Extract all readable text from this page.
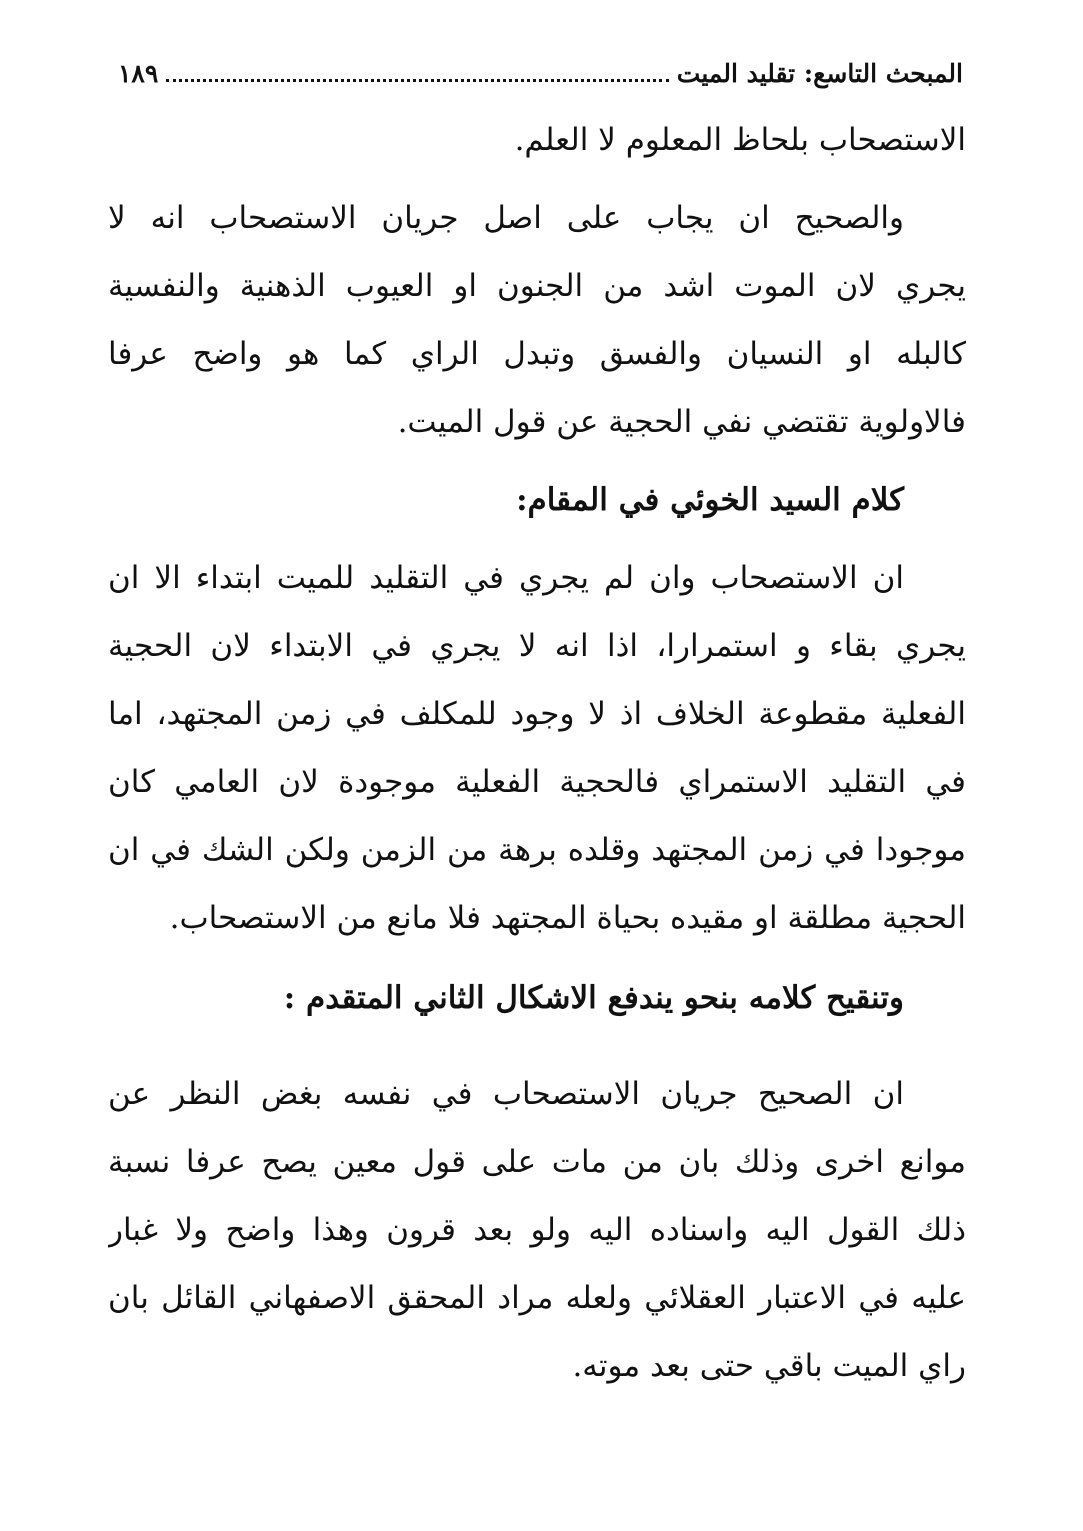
المبحث التاسع: تقليد الميت
١٨٩
الاستصحاب بلحاظ المعلوم لا العلم.
والصحيح ان يجاب على اصل جريان الاستصحاب انه لا
يجري لان الموت اشد من الجنون او العيوب الذهنية والنفسية
كالبله او النسيان والفسق وتبدل الراي كما هو واضح عرفا
فالاولوية تقتضي نفي الحجية عن قول الميت.
كلام السيد الخوئي في المقام:
ان الاستصحاب وان لم يجري في التقليد للميت ابتداء الا ان
يجري بقاء و استمرارا، اذا انه لا يجري في الابتداء لان الحجية
الفعلية مقطوعة الخلاف اذ لا وجود للمكلف في زمن المجتهد، اما
في التقليد الاستمراي فالحجية الفعلية موجودة لان العامي كان
موجودا في زمن المجتهد وقلده برهة من الزمن ولكن الشك في ان
الحجية مطلقة او مقيده بحياة المجتهد فلا مانع من الاستصحاب.
وتنقيح كلامه بنحو يندفع الاشكال الثاني المتقدم :
ان الصحيح جريان الاستصحاب في نفسه بغض النظر عن
موانع اخرى وذلك بان من مات على قول معين يصح عرفا نسبة
ذلك القول اليه واسناده اليه ولو بعد قرون وهذا واضح ولا غبار
عليه في الاعتبار العقلائي ولعله مراد المحقق الاصفهاني القائل بان
راي الميت باقي حتى بعد موته.
